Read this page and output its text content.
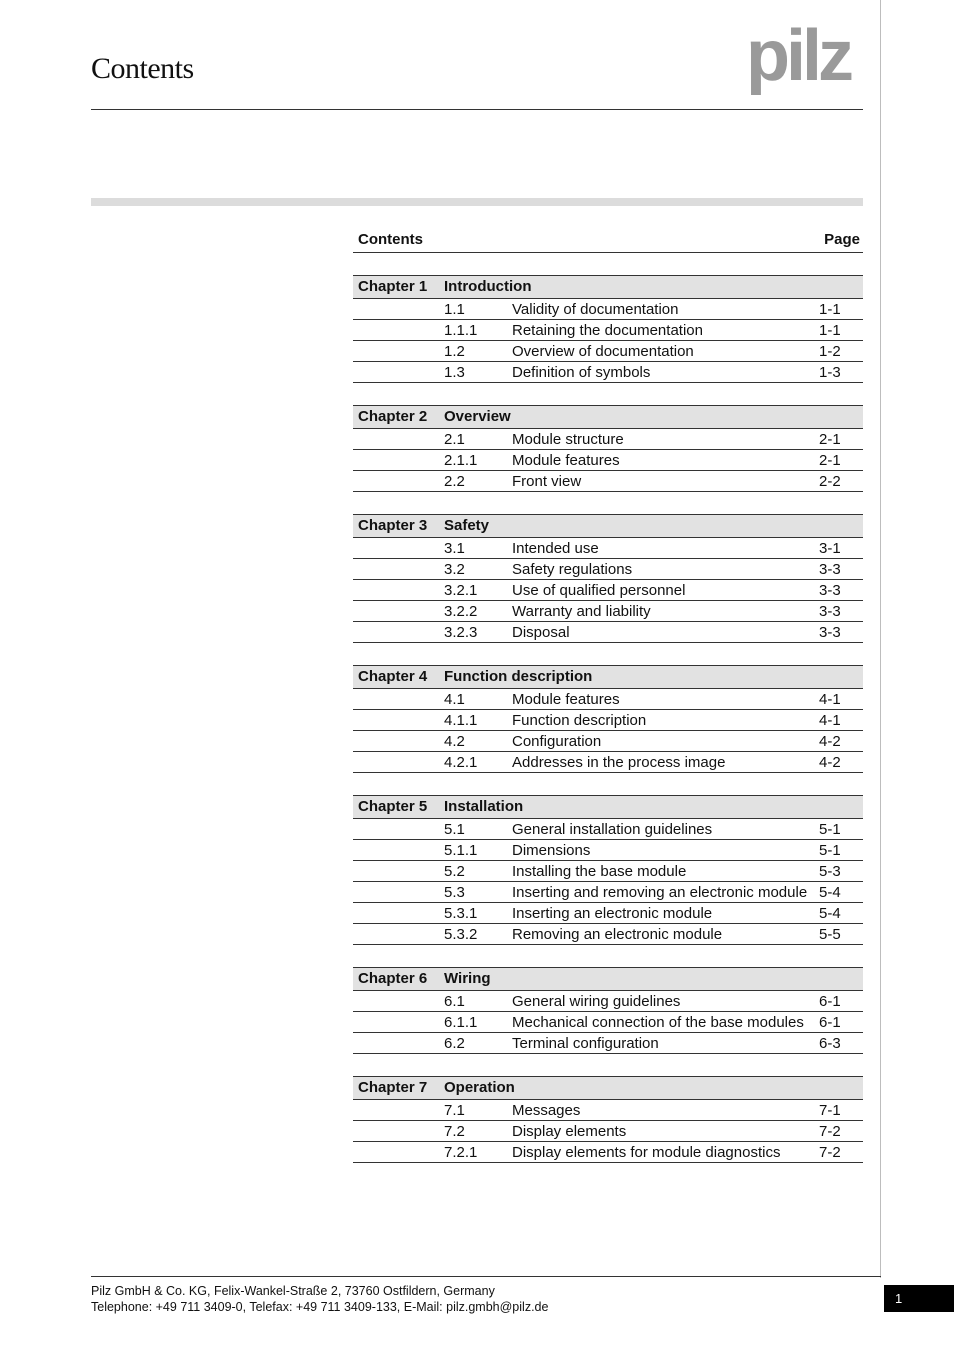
Contents	pilz
Contents	Page
Chapter 1	Introduction
1.1	Validity of documentation	1-1
1.1.1	Retaining the documentation	1-1
1.2	Overview of documentation	1-2
1.3	Definition of symbols	1-3
Chapter 2	Overview
2.1	Module structure	2-1
2.1.1	Module features	2-1
2.2	Front view	2-2
Chapter 3	Safety
3.1	Intended use	3-1
3.2	Safety regulations	3-3
3.2.1	Use of qualified personnel	3-3
3.2.2	Warranty and liability	3-3
3.2.3	Disposal	3-3
Chapter 4	Function description
4.1	Module features	4-1
4.1.1	Function description	4-1
4.2	Configuration	4-2
4.2.1	Addresses in the process image	4-2
Chapter 5	Installation
5.1	General installation guidelines	5-1
5.1.1	Dimensions	5-1
5.2	Installing the base module	5-3
5.3	Inserting and removing an electronic module 5-4
5.3.1	Inserting an electronic module	5-4
5.3.2	Removing an electronic module	5-5
Chapter 6	Wiring
6.1	General wiring guidelines	6-1
6.1.1	Mechanical connection of the base modules	6-1
6.2	Terminal configuration	6-3
Chapter 7	Operation
7.1	Messages	7-1
7.2	Display elements	7-2
7.2.1	Display elements for module diagnostics	7-2
Pilz GmbH & Co. KG, Felix-Wankel-Straße 2, 73760 Ostfildern, Germany
Telephone: +49 711 3409-0, Telefax: +49 711 3409-133, E-Mail: pilz.gmbh@pilz.de
1
